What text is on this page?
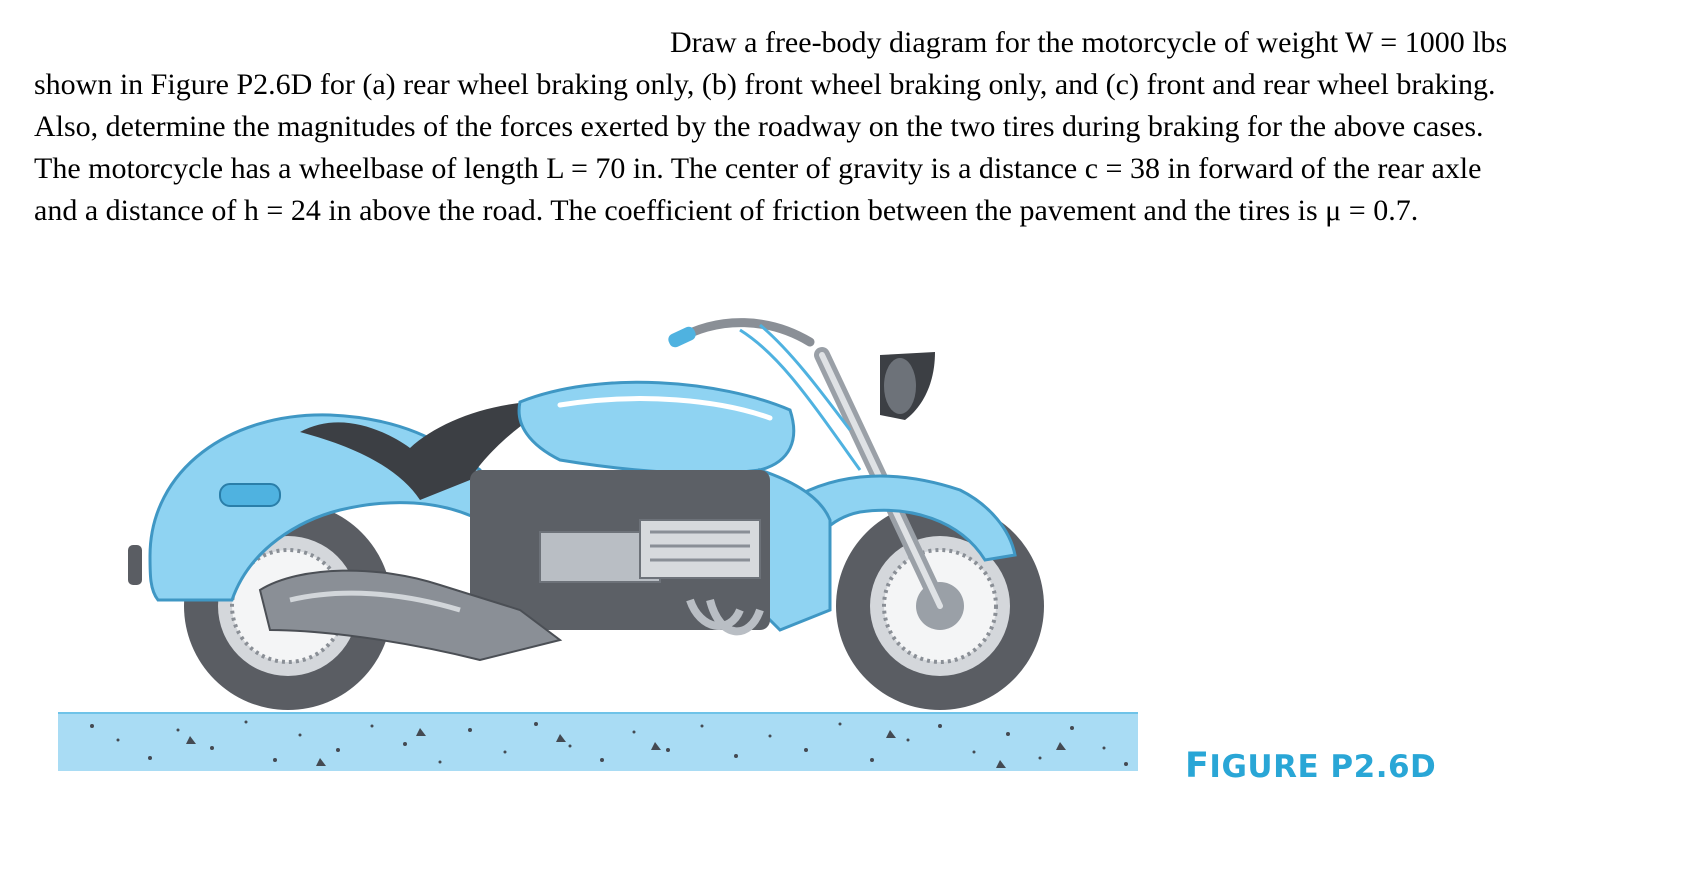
Draw a free-body diagram for the motorcycle of weight W = 1000 lbs
shown in Figure P2.6D for (a) rear wheel braking only, (b) front wheel braking only, and (c) front and rear wheel braking.
Also, determine the magnitudes of the forces exerted by the roadway on the two tires during braking for the above cases.
The motorcycle has a wheelbase of length L = 70 in. The center of gravity is a distance c = 38 in forward of the rear axle
and a distance of h = 24 in above the road. The coefficient of friction between the pavement and the tires is μ = 0.7.
FIGURE P2.6D
